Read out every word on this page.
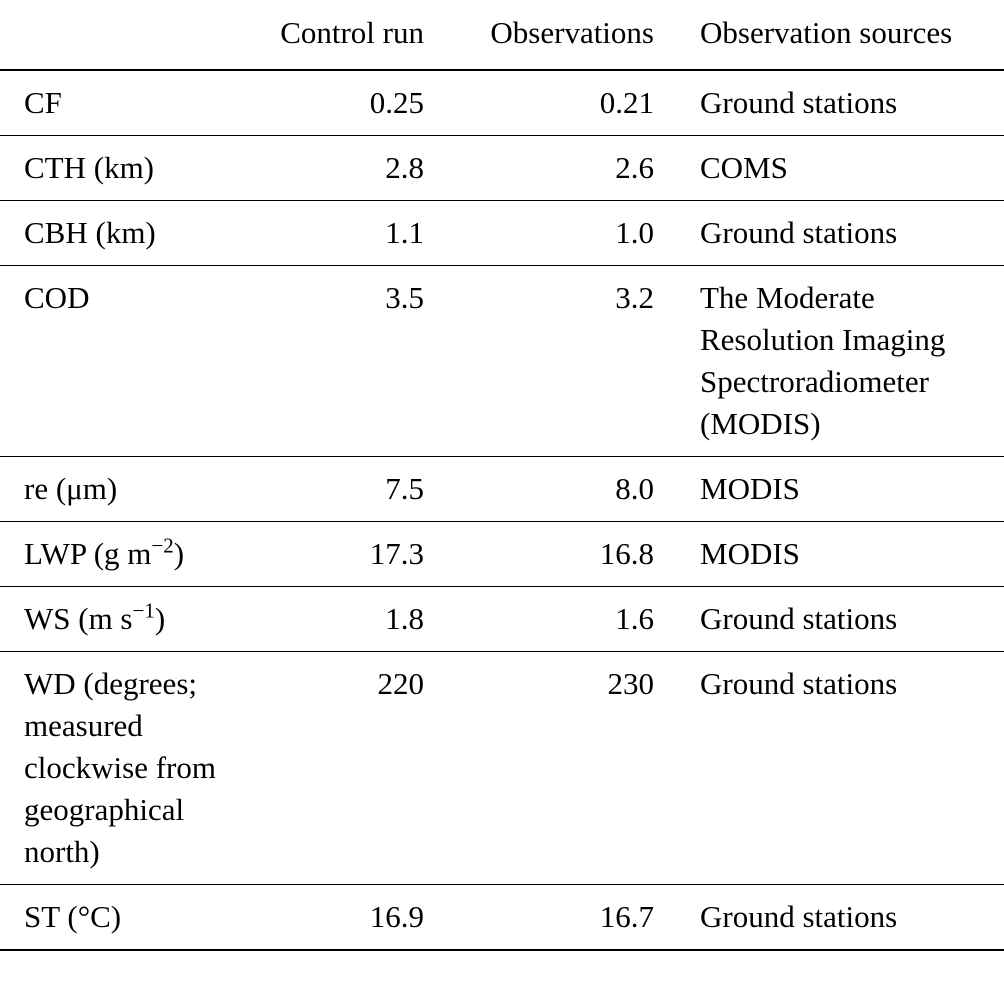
	Control run	Observations	Observation sources
CF	0.25	0.21	Ground stations
CTH (km)	2.8	2.6	COMS
CBH (km)	1.1	1.0	Ground stations
COD	3.5	3.2	The Moderate Resolution Imaging Spectroradiometer (MODIS)
re (μm)	7.5	8.0	MODIS
LWP (g $m^{-2}$)	17.3	16.8	MODIS
WS (m $s^{-1}$)	1.8	1.6	Ground stations
WD (degrees; measured clockwise from geographical north)	220	230	Ground stations
ST (°C)	16.9	16.7	Ground stations
